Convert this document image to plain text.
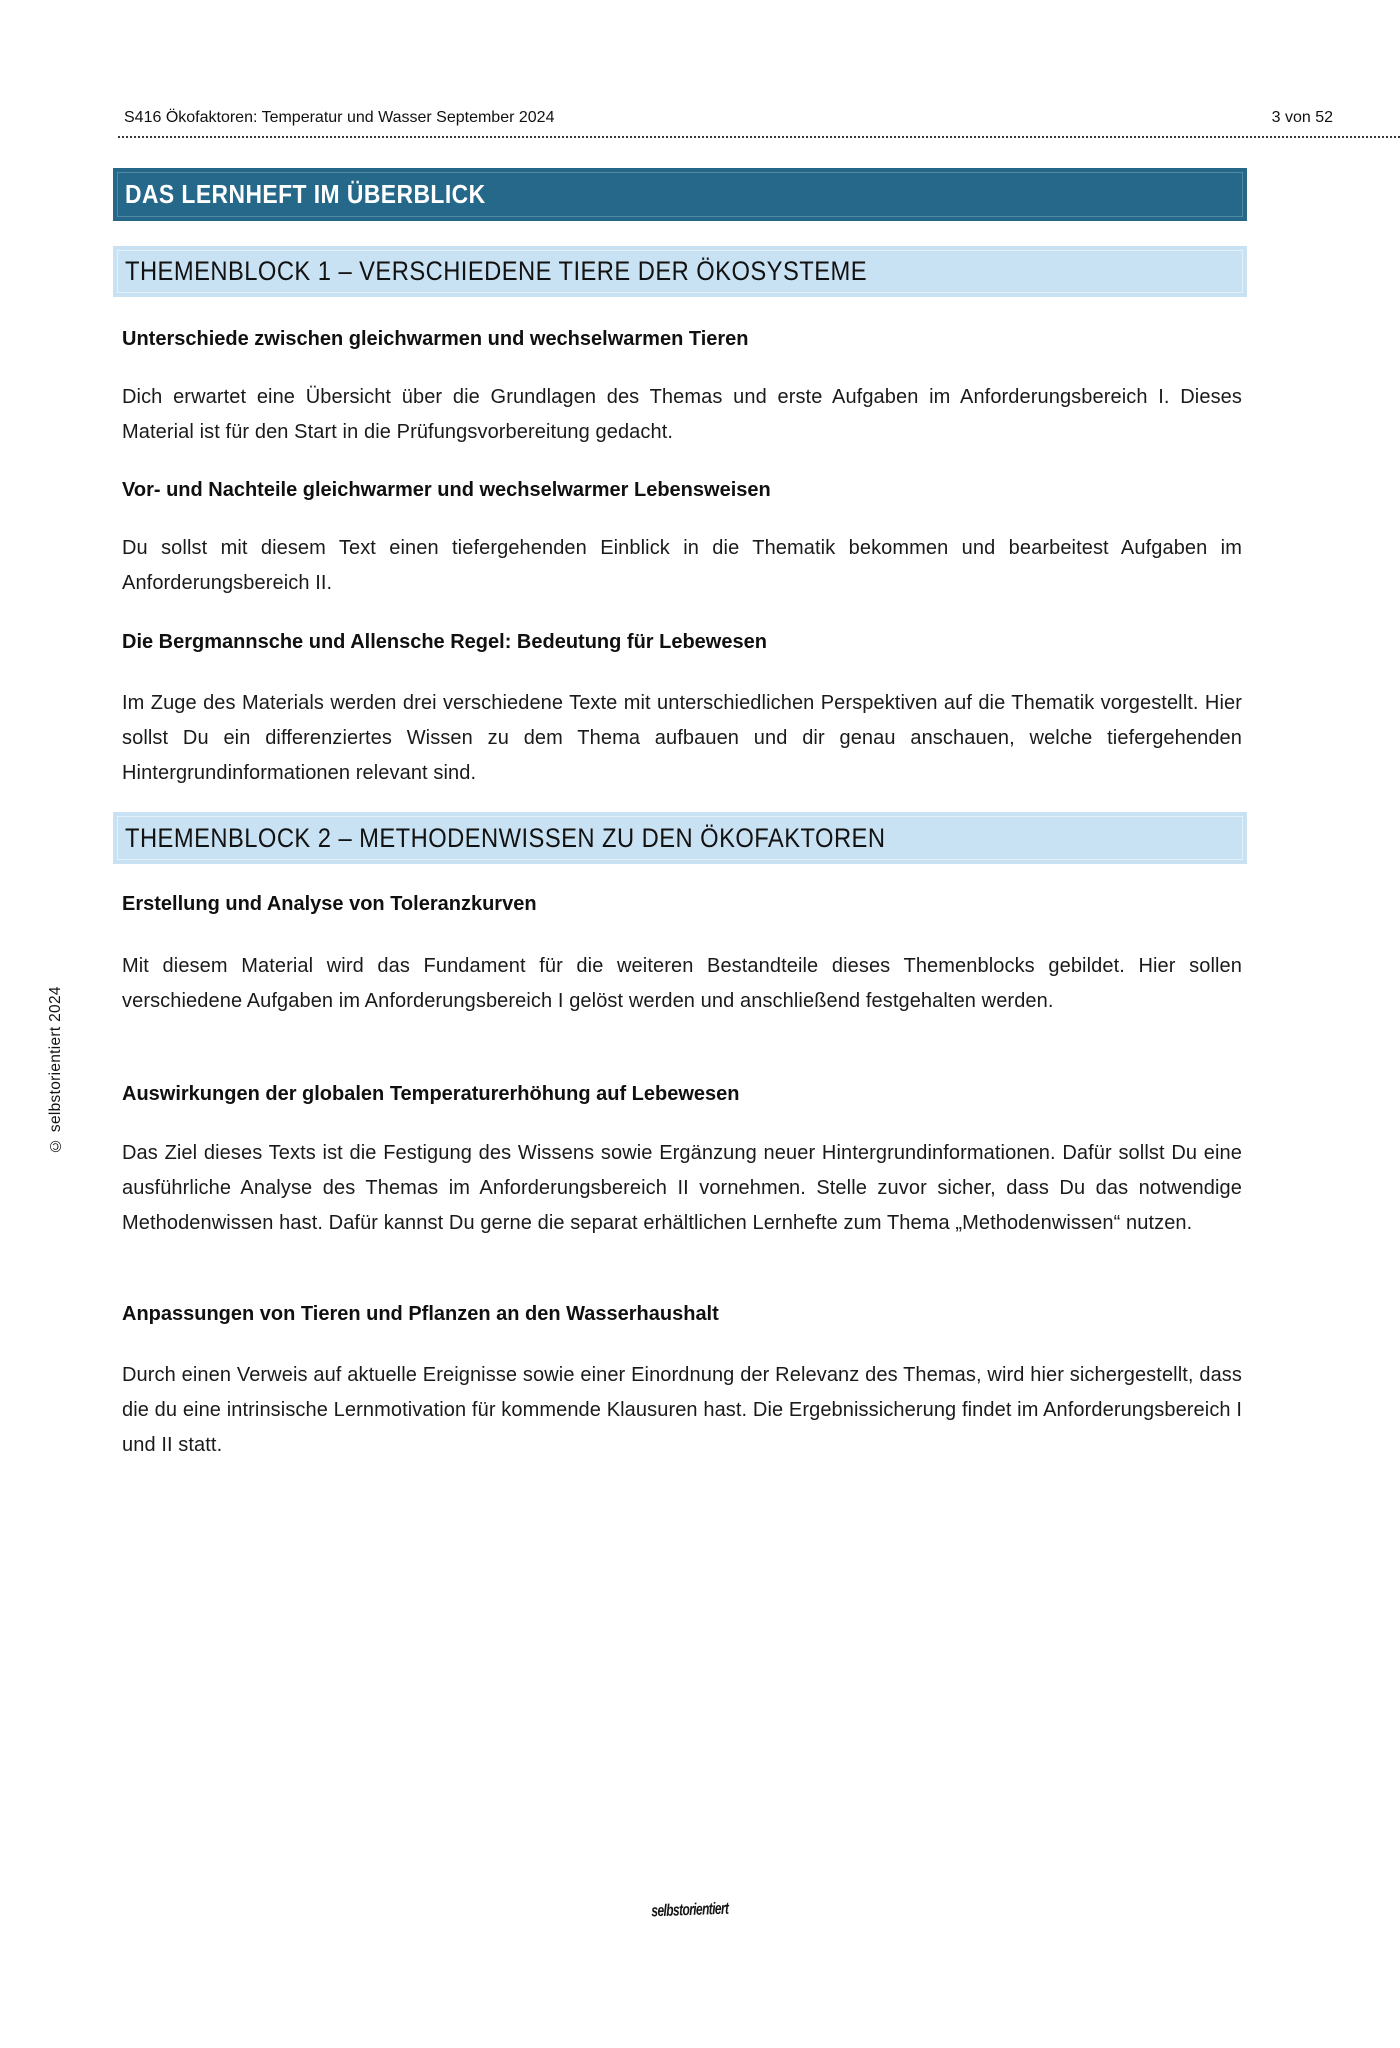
© selbstorientiert 2024
S416 Ökofaktoren: Temperatur und Wasser September 2024	3 von 52
DAS LERNHEFT IM ÜBERBLICK
THEMENBLOCK 1 – VERSCHIEDENE TIERE DER ÖKOSYSTEME
Unterschiede zwischen gleichwarmen und wechselwarmen Tieren
Dich erwartet eine Übersicht über die Grundlagen des Themas und erste Aufgaben im Anforderungsbereich I. Dieses Material ist für den Start in die Prüfungsvorbereitung gedacht.
Vor- und Nachteile gleichwarmer und wechselwarmer Lebensweisen
Du sollst mit diesem Text einen tiefergehenden Einblick in die Thematik bekommen und bearbeitest Aufgaben im Anforderungsbereich II.
Die Bergmannsche und Allensche Regel: Bedeutung für Lebewesen
Im Zuge des Materials werden drei verschiedene Texte mit unterschiedlichen Perspektiven auf die Thematik vorgestellt. Hier sollst Du ein differenziertes Wissen zu dem Thema aufbauen und dir genau anschauen, welche tiefergehenden Hintergrundinformationen relevant sind.
THEMENBLOCK 2 – METHODENWISSEN ZU DEN ÖKOFAKTOREN
Erstellung und Analyse von Toleranzkurven
Mit diesem Material wird das Fundament für die weiteren Bestandteile dieses Themenblocks gebildet. Hier sollen verschiedene Aufgaben im Anforderungsbereich I gelöst werden und anschließend festgehalten werden.
Auswirkungen der globalen Temperaturerhöhung auf Lebewesen
Das Ziel dieses Texts ist die Festigung des Wissens sowie Ergänzung neuer Hintergrundinformationen. Dafür sollst Du eine ausführliche Analyse des Themas im Anforderungsbereich II vornehmen. Stelle zuvor sicher, dass Du das notwendige Methodenwissen hast. Dafür kannst Du gerne die separat erhältlichen Lernhefte zum Thema „Methodenwissen“ nutzen.
Anpassungen von Tieren und Pflanzen an den Wasserhaushalt
Durch einen Verweis auf aktuelle Ereignisse sowie einer Einordnung der Relevanz des Themas, wird hier sichergestellt, dass die du eine intrinsische Lernmotivation für kommende Klausuren hast. Die Ergebnissicherung findet im Anforderungsbereich I und II statt.
selbstorientiert
